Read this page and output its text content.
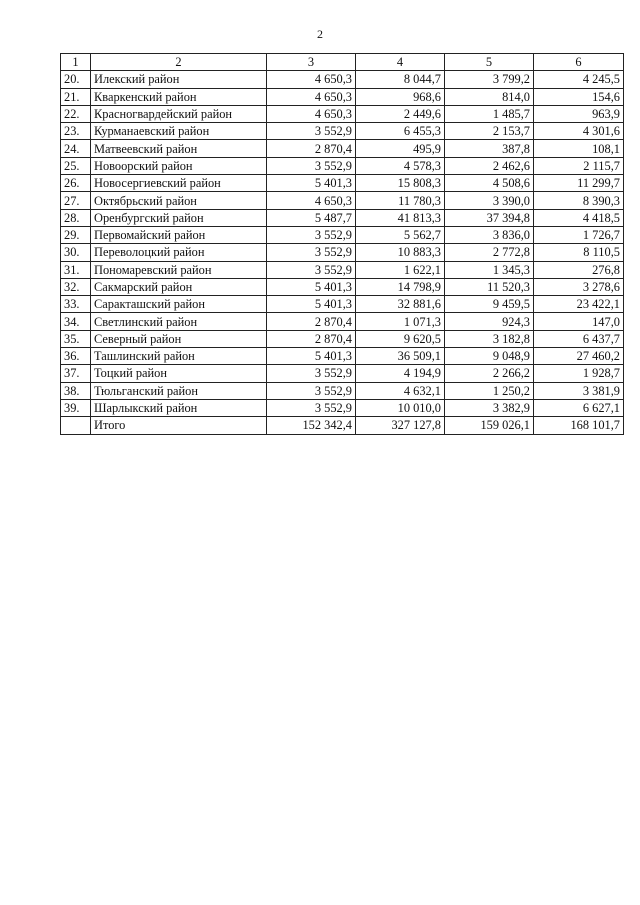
2
1	2	3	4	5	6
20.	Илекский район	4 650,3	8 044,7	3 799,2	4 245,5
21.	Кваркенский район	4 650,3	968,6	814,0	154,6
22.	Красногвардейский район	4 650,3	2 449,6	1 485,7	963,9
23.	Курманаевский район	3 552,9	6 455,3	2 153,7	4 301,6
24.	Матвеевский район	2 870,4	495,9	387,8	108,1
25.	Новоорский район	3 552,9	4 578,3	2 462,6	2 115,7
26.	Новосергиевский район	5 401,3	15 808,3	4 508,6	11 299,7
27.	Октябрьский район	4 650,3	11 780,3	3 390,0	8 390,3
28.	Оренбургский район	5 487,7	41 813,3	37 394,8	4 418,5
29.	Первомайский район	3 552,9	5 562,7	3 836,0	1 726,7
30.	Переволоцкий район	3 552,9	10 883,3	2 772,8	8 110,5
31.	Пономаревский район	3 552,9	1 622,1	1 345,3	276,8
32.	Сакмарский район	5 401,3	14 798,9	11 520,3	3 278,6
33.	Саракташский район	5 401,3	32 881,6	9 459,5	23 422,1
34.	Светлинский район	2 870,4	1 071,3	924,3	147,0
35.	Северный район	2 870,4	9 620,5	3 182,8	6 437,7
36.	Ташлинский район	5 401,3	36 509,1	9 048,9	27 460,2
37.	Тоцкий район	3 552,9	4 194,9	2 266,2	1 928,7
38.	Тюльганский район	3 552,9	4 632,1	1 250,2	3 381,9
39.	Шарлыкский район	3 552,9	10 010,0	3 382,9	6 627,1
	Итого	152 342,4	327 127,8	159 026,1	168 101,7
